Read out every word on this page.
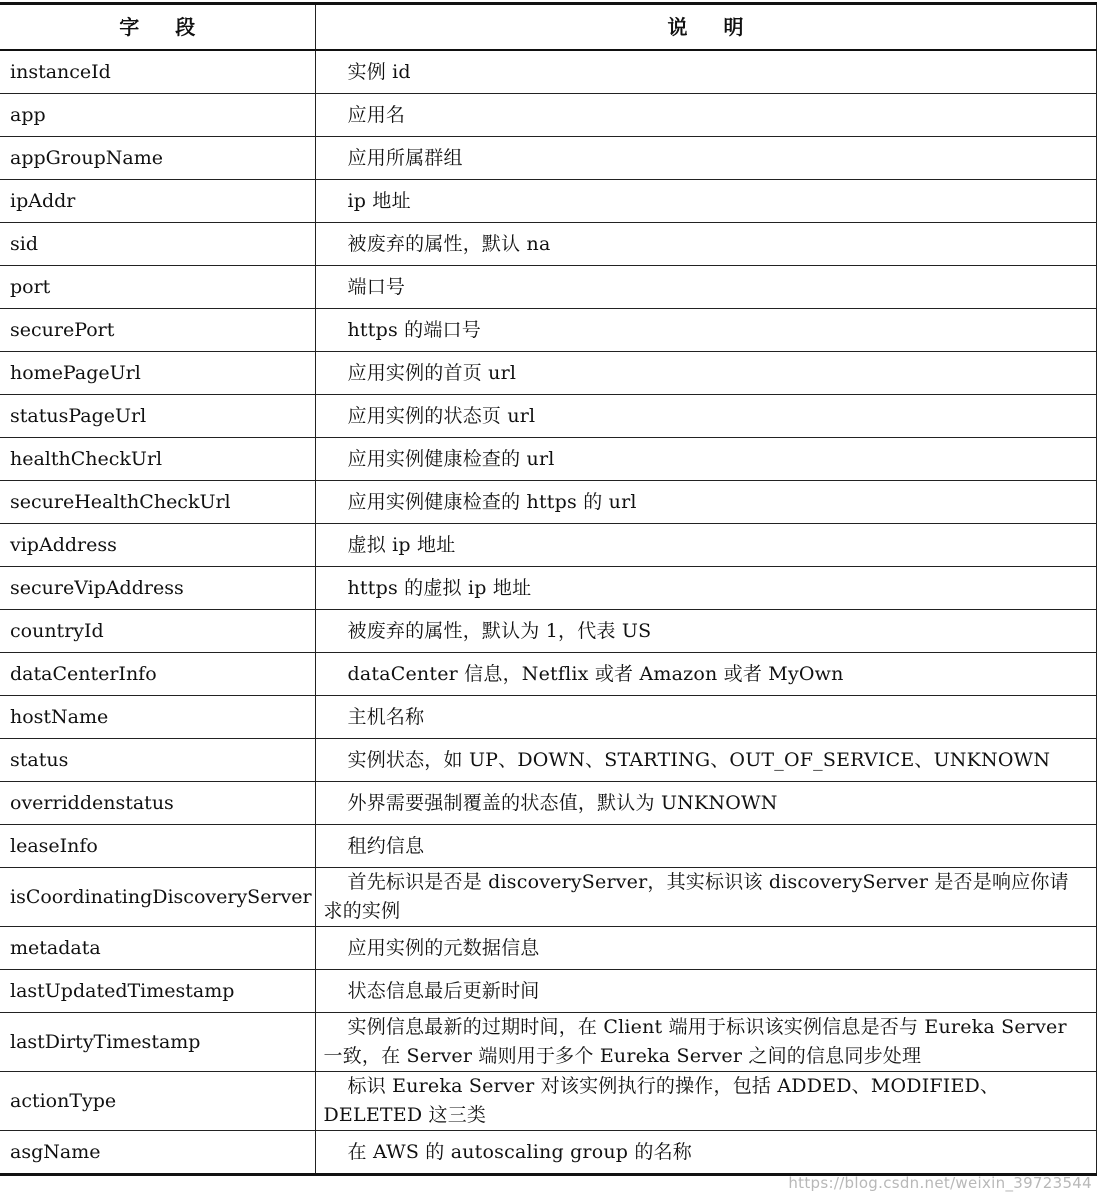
字段	说明
instanceId	实例 id
app	应用名
appGroupName	应用所属群组
ipAddr	ip 地址
sid	被废弃的属性，默认 na
port	端口号
securePort	https 的端口号
homePageUrl	应用实例的首页 url
statusPageUrl	应用实例的状态页 url
healthCheckUrl	应用实例健康检查的 url
secureHealthCheckUrl	应用实例健康检查的 https 的 url
vipAddress	虚拟 ip 地址
secureVipAddress	https 的虚拟 ip 地址
countryId	被废弃的属性，默认为 1，代表 US
dataCenterInfo	dataCenter 信息，Netflix 或者 Amazon 或者 MyOwn
hostName	主机名称
status	实例状态，如 UP、DOWN、STARTING、OUT_OF_SERVICE、UNKNOWN
overriddenstatus	外界需要强制覆盖的状态值，默认为 UNKNOWN
leaseInfo	租约信息
isCoordinatingDiscoveryServer	首先标识是否是 discoveryServer，其实标识该 discoveryServer 是否是响应你请求的实例
metadata	应用实例的元数据信息
lastUpdatedTimestamp	状态信息最后更新时间
lastDirtyTimestamp	实例信息最新的过期时间，在 Client 端用于标识该实例信息是否与 Eureka Server 一致，在 Server 端则用于多个 Eureka Server 之间的信息同步处理
actionType	标识 Eureka Server 对该实例执行的操作，包括 ADDED、MODIFIED、DELETED 这三类
asgName	在 AWS 的 autoscaling group 的名称
https://blog.csdn.net/weixin_39723544
